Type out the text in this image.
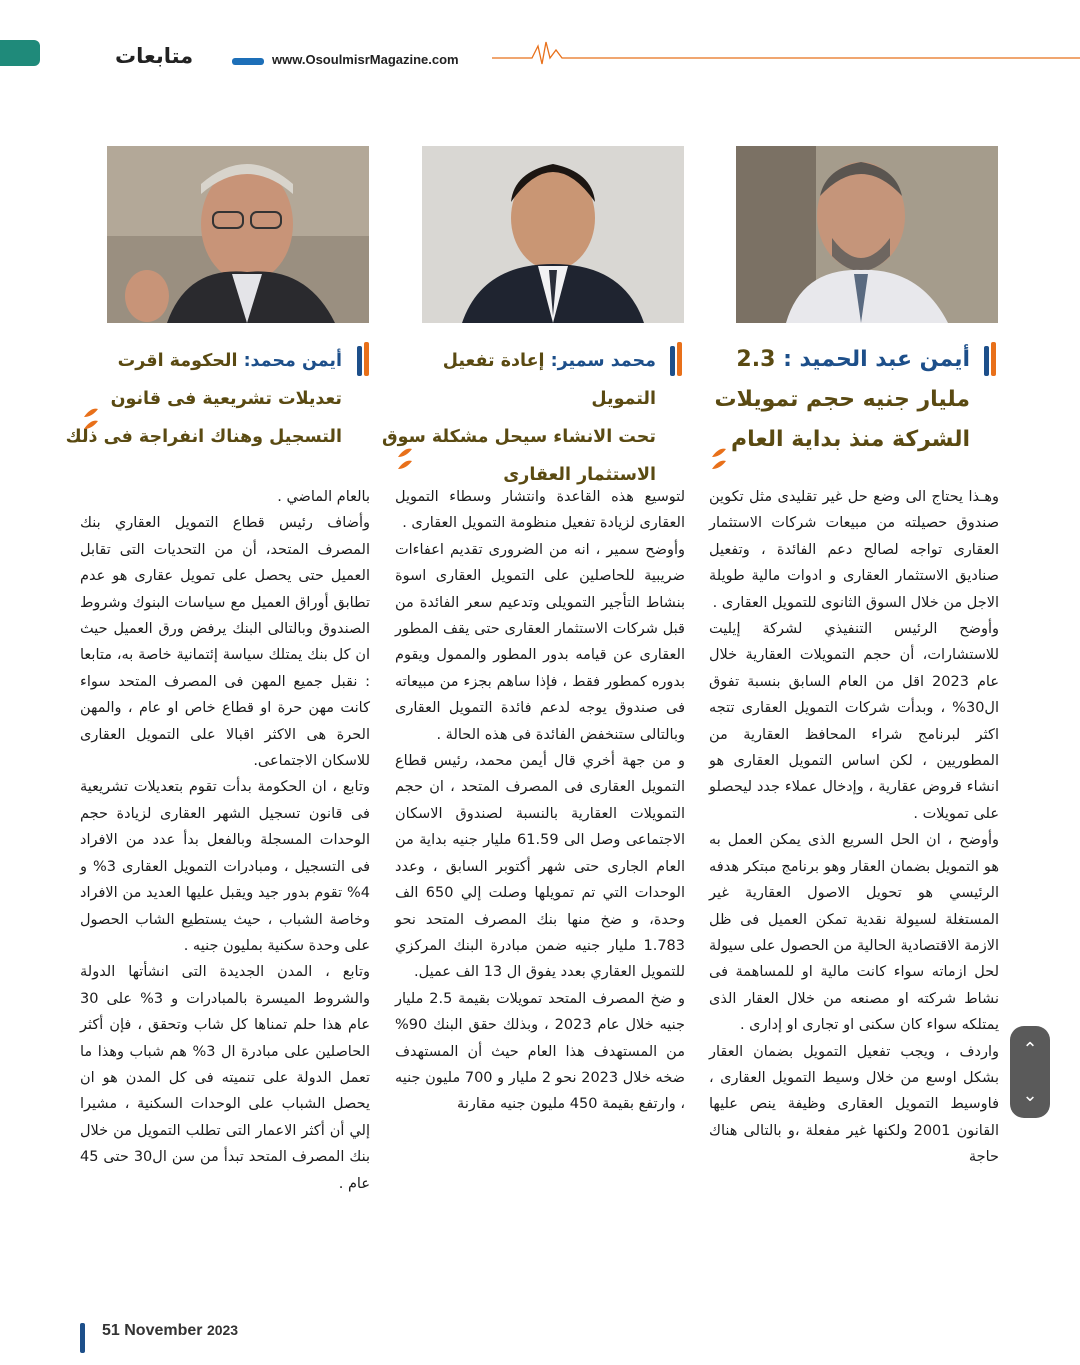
متابعات	www.OsoulmisrMagazine.com
أيمن عبد الحميد : 2.3
مليار جنيه حجم تمويلات
الشركة منذ بداية العام
محمد سمير: إعادة تفعيل التمويل
تحت الانشاء سيحل مشكلة سوق
الاستثمار العقارى
أيمن محمد: الحكومة اقرت
تعديلات تشريعية فى قانون
التسجيل وهناك انفراجة فى ذلك

وهـذا يحتاج الى وضع حل غير تقليدى مثل تكوين صندوق حصيلته من مبيعات شركات الاستثمار العقارى تواجه لصالح دعم الفائدة ، وتفعيل صناديق الاستثمار العقارى و ادوات مالية طويلة الاجل من خلال السوق الثانوى للتمويل العقارى .

وأوضح الرئيس التنفيذي لشركة إيليت للاستشارات، أن حجم التمويلات العقارية خلال عام 2023 اقل من العام السابق بنسبة تفوق ال30% ، وبدأت شركات التمويل العقارى تتجه اكثر لبرنامج شراء المحافظ العقارية من المطوريين ، لكن اساس التمويل العقارى هو انشاء قروض عقارية ، وإدخال عملاء جدد ليحصلو على تمويلات .

وأوضح ، ان الحل السريع الذى يمكن العمل به هو التمويل بضمان العقار وهو برنامج مبتكر هدفه الرئيسي هو تحويل الاصول العقارية غير المستغلة لسيولة نقدية تمكن العميل فى ظل الازمة الاقتصادية الحالية من الحصول على سيولة لحل ازماته سواء كانت مالية او للمساهمة فى نشاط شركته او مصنعه من خلال العقار الذى يمتلكه سواء كان سكنى او تجارى او إدارى .

واردف ، ويجب تفعيل التمويل بضمان العقار بشكل اوسع من خلال وسيط التمويل العقارى ، فاوسيط التمويل العقارى وظيفة ينص عليها القانون 2001 ولكنها غير مفعلة ،و بالتالى هناك حاجة

لتوسيع هذه القاعدة وانتشار وسطاء التمويل العقارى لزيادة تفعيل منظومة التمويل العقارى .

وأوضح سمير ، انه من الضرورى تقديم اعفاءات ضريبية للحاصلين على التمويل العقارى اسوة بنشاط التأجير التمويلى وتدعيم سعر الفائدة من قبل شركات الاستثمار العقارى حتى يقف المطور العقارى عن قيامه بدور المطور والممول ويقوم بدوره كمطور فقط ، فإذا ساهم بجزء من مبيعاته فى صندوق يوجه لدعم فائدة التمويل العقارى وبالتالى ستنخفض الفائدة فى هذه الحالة .

و من جهة أخري قال أيمن محمد، رئيس قطاع التمويل العقارى فى المصرف المتحد ، ان حجم التمويلات العقارية بالنسبة لصندوق الاسكان الاجتماعى وصل الى 61.59 مليار جنيه بداية من العام الجارى حتى شهر أكتوبر السابق ، وعدد الوحدات التي تم تمويلها وصلت إلي 650 الف وحدة، و ضخ منها بنك المصرف المتحد نحو 1.783 مليار جنيه ضمن مبادرة البنك المركزي للتمويل العقاري بعدد يفوق ال 13 الف عميل.

و ضخ المصرف المتحد تمويلات بقيمة 2.5 مليار جنيه خلال عام 2023 ، وبذلك حقق البنك 90% من المستهدف هذا العام حيث أن المستهدف ضخه خلال 2023 نحو 2 مليار و 700 مليون جنيه ، وارتفع بقيمة 450 مليون جنيه مقارنة

بالعام الماضي .

وأضاف رئيس قطاع التمويل العقاري بنك المصرف المتحد، أن من التحديات التى تقابل العميل حتى يحصل على تمويل عقارى هو عدم تطابق أوراق العميل مع سياسات البنوك وشروط الصندوق وبالتالى البنك يرفض ورق العميل حيث ان كل بنك يمتلك سياسة إئتمانية خاصة به، متابعا : نقبل جميع المهن فى المصرف المتحد سواء كانت مهن حرة او قطاع خاص او عام ، والمهن الحرة هى الاكثر اقبالا على التمويل العقارى للاسكان الاجتماعى.

وتابع ، ان الحكومة بدأت تقوم بتعديلات تشريعية فى قانون تسجيل الشهر العقارى لزيادة حجم الوحدات المسجلة وبالفعل بدأ عدد من الافراد فى التسجيل ، ومبادرات التمويل العقارى 3% و 4% تقوم بدور جيد ويقبل عليها العديد من الافراد وخاصة الشباب ، حيث يستطيع الشاب الحصول على وحدة سكنية بمليون جنيه .

وتابع ، المدن الجديدة التى انشأتها الدولة والشروط الميسرة بالمبادرات و 3% على 30 عام هذا حلم تمناها كل شاب وتحقق ، فإن أكثر الحاصلين على مبادرة ال 3% هم شباب وهذا ما تعمل الدولة على تنميته فى كل المدن هو ان يحصل الشباب على الوحدات السكنية ، مشيرا إلي أن أكثر الاعمار التى تطلب التمويل من خلال بنك المصرف المتحد تبدأ من سن ال30 حتى 45 عام .

⌃
⌄
51 November 2023
